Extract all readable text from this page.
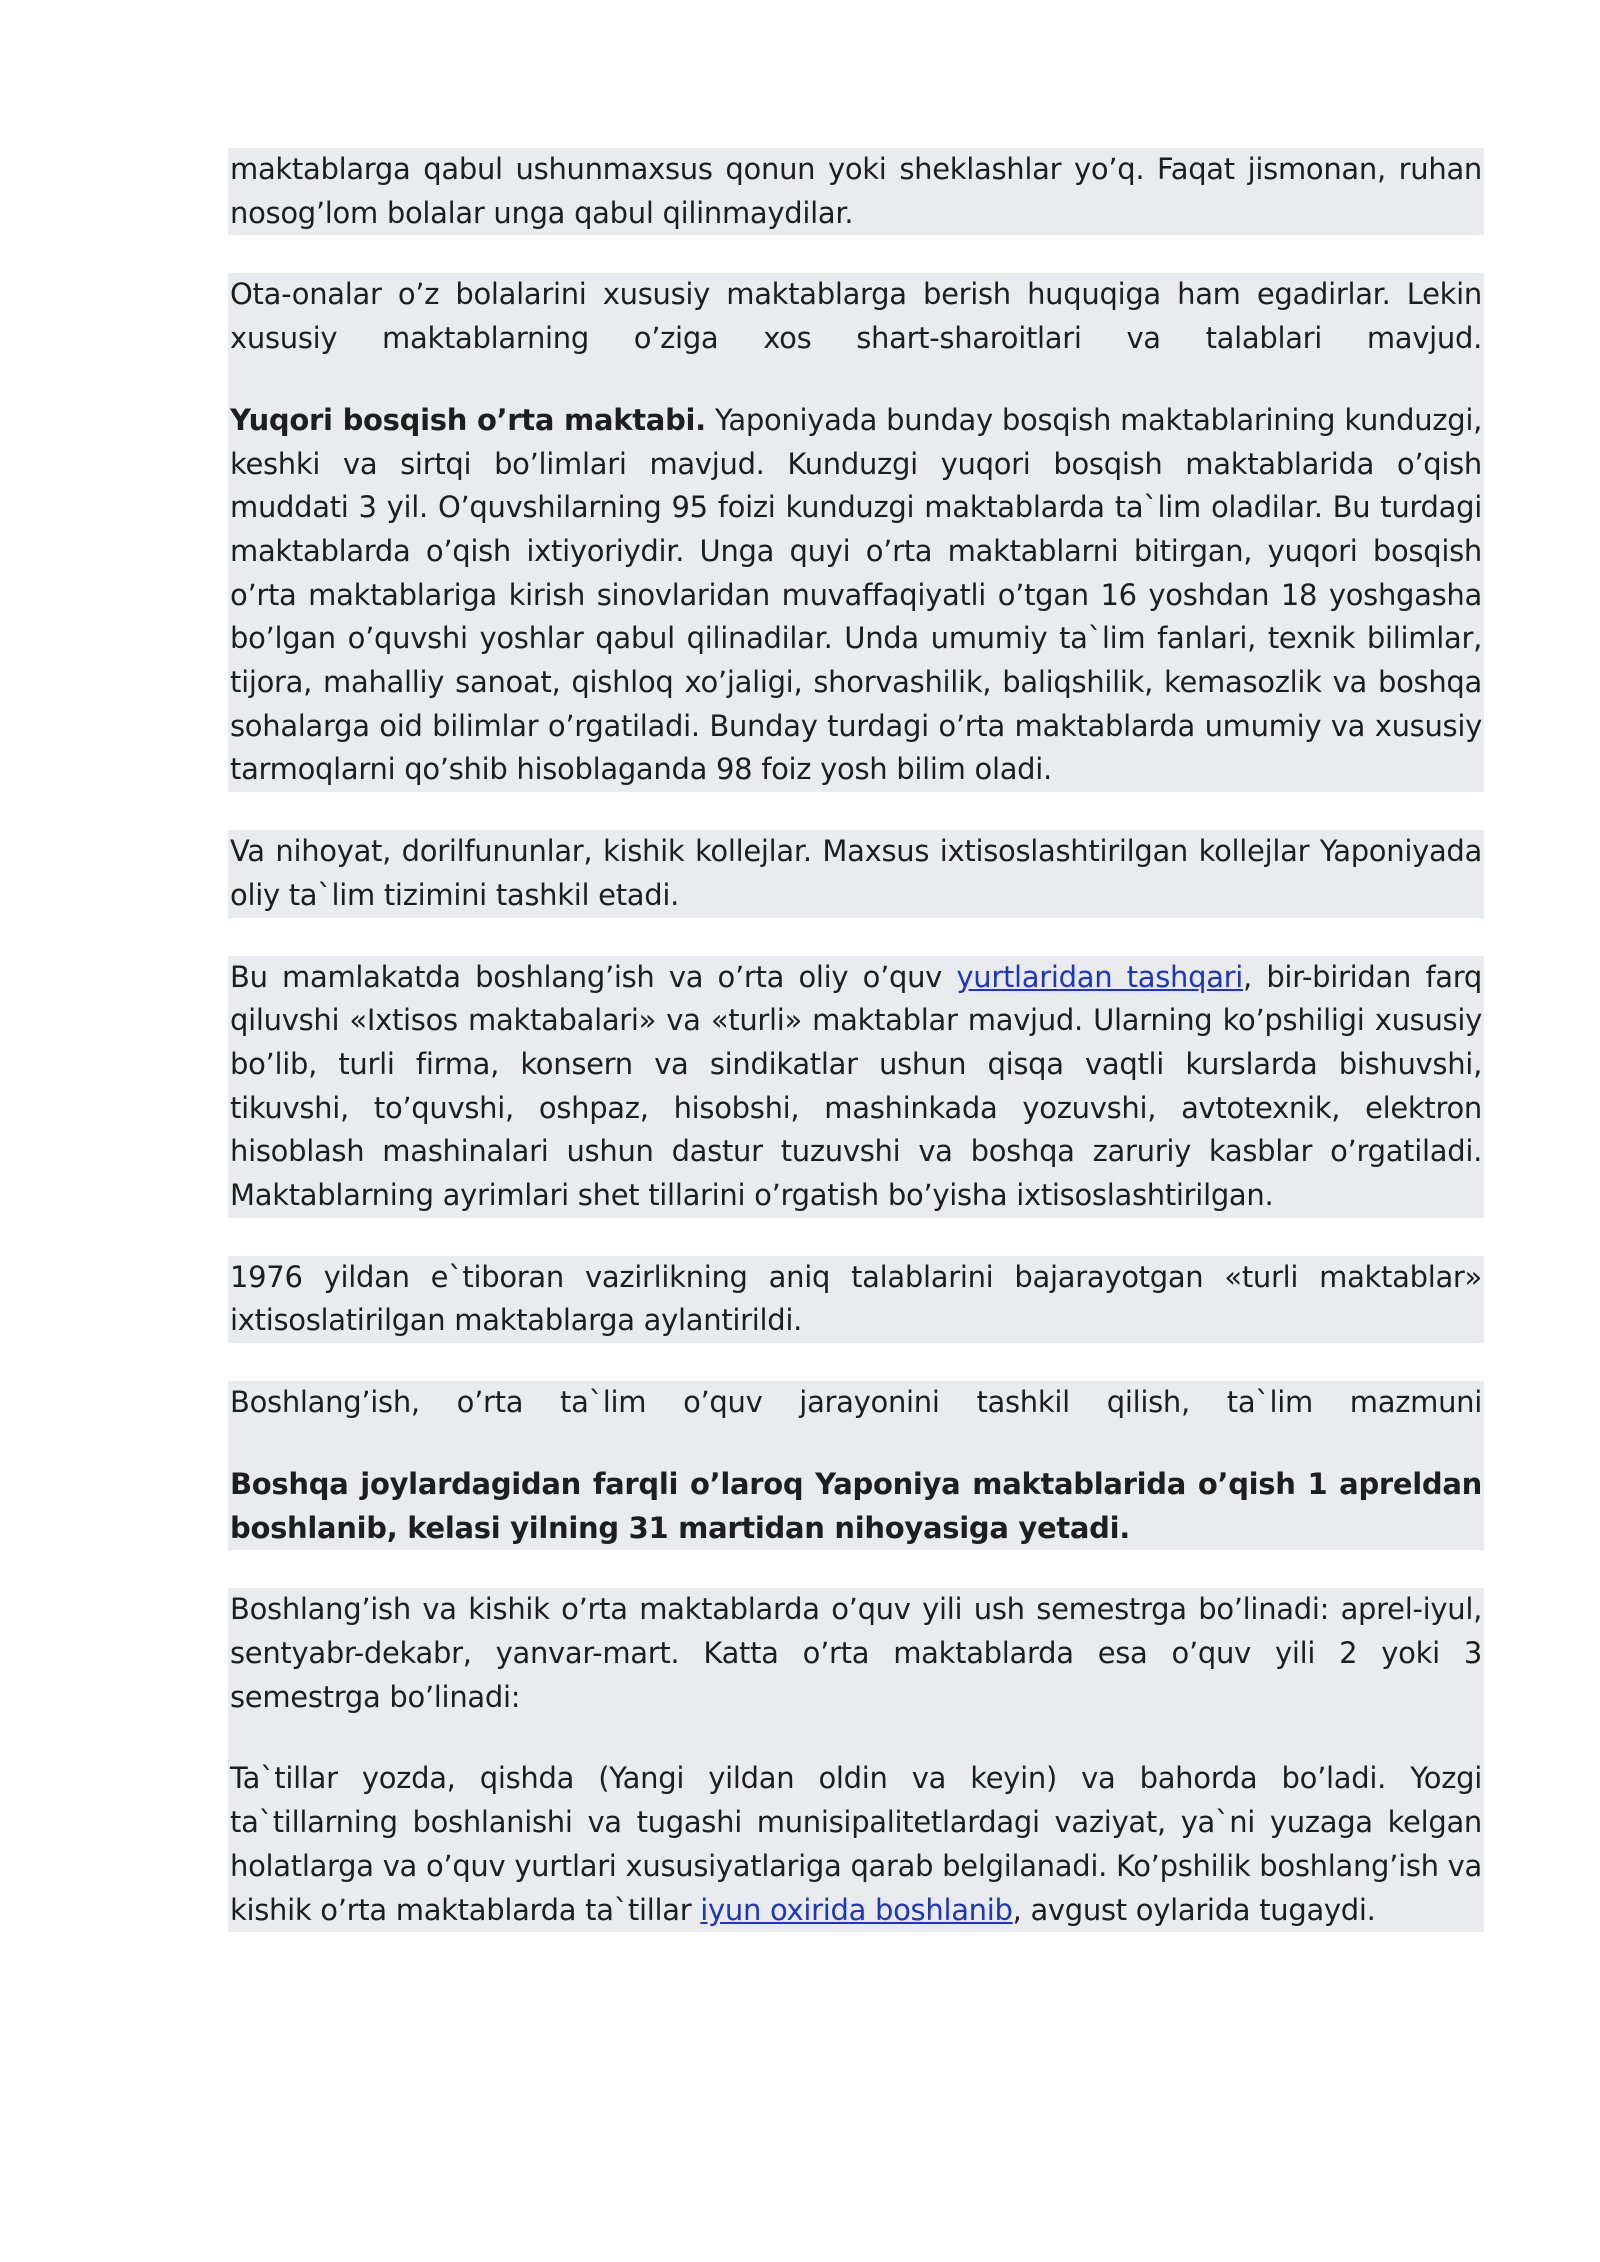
maktablarga qabul ushunmaxsus qonun yoki sheklashlar yo’q. Faqat jismonan, ruhan nosog’lom bolalar unga qabul qilinmaydilar.

Ota-onalar o’z bolalarini xususiy maktablarga berish huquqiga ham egadirlar. Lekin xususiy maktablarning o’ziga xos shart-sharoitlari va talablari mavjud.

Yuqori bosqish o’rta maktabi. Yaponiyada bunday bosqish maktablarining kunduzgi, keshki va sirtqi bo’limlari mavjud. Kunduzgi yuqori bosqish maktablarida o’qish muddati 3 yil. O’quvshilarning 95 foizi kunduzgi maktablarda ta`lim oladilar. Bu turdagi maktablarda o’qish ixtiyoriydir. Unga quyi o’rta maktablarni bitirgan, yuqori bosqish o’rta maktablariga kirish sinovlaridan muvaffaqiyatli o’tgan 16 yoshdan 18 yoshgasha bo’lgan o’quvshi yoshlar qabul qilinadilar. Unda umumiy ta`lim fanlari, texnik bilimlar, tijora, mahalliy sanoat, qishloq xo’jaligi, shorvashilik, baliqshilik, kemasozlik va boshqa sohalarga oid bilimlar o’rgatiladi. Bunday turdagi o’rta maktablarda umumiy va xususiy tarmoqlarni qo’shib hisoblaganda 98 foiz yosh bilim oladi.

Va nihoyat, dorilfununlar, kishik kollejlar. Maxsus ixtisoslashtirilgan kollejlar Yaponiyada oliy ta`lim tizimini tashkil etadi.

Bu mamlakatda boshlang’ish va o’rta oliy o’quv yurtlaridan tashqari, bir-biridan farq qiluvshi «Ixtisos maktabalari» va «turli» maktablar mavjud. Ularning ko’pshiligi xususiy bo’lib, turli firma, konsern va sindikatlar ushun qisqa vaqtli kurslarda bishuvshi, tikuvshi, to’quvshi, oshpaz, hisobshi, mashinkada yozuvshi, avtotexnik, elektron hisoblash mashinalari ushun dastur tuzuvshi va boshqa zaruriy kasblar o’rgatiladi. Maktablarning ayrimlari shet tillarini o’rgatish bo’yisha ixtisoslashtirilgan.

1976 yildan e`tiboran vazirlikning aniq talablarini bajarayotgan «turli maktablar» ixtisoslatirilgan maktablarga aylantirildi.

Boshlang’ish, o’rta ta`lim o’quv jarayonini tashkil qilish, ta`lim mazmuni

Boshqa joylardagidan farqli o’laroq Yaponiya maktablarida o’qish 1 apreldan boshlanib, kelasi yilning 31 martidan nihoyasiga yetadi.

Boshlang’ish va kishik o’rta maktablarda o’quv yili ush semestrga bo’linadi: aprel-iyul, sentyabr-dekabr, yanvar-mart. Katta o’rta maktablarda esa o’quv yili 2 yoki 3 semestrga bo’linadi:

Ta`tillar yozda, qishda (Yangi yildan oldin va keyin) va bahorda bo’ladi. Yozgi ta`tillarning boshlanishi va tugashi munisipalitetlardagi vaziyat, ya`ni yuzaga kelgan holatlarga va o’quv yurtlari xususiyatlariga qarab belgilanadi. Ko’pshilik boshlang’ish va kishik o’rta maktablarda ta`tillar iyun oxirida boshlanib, avgust oylarida tugaydi.
